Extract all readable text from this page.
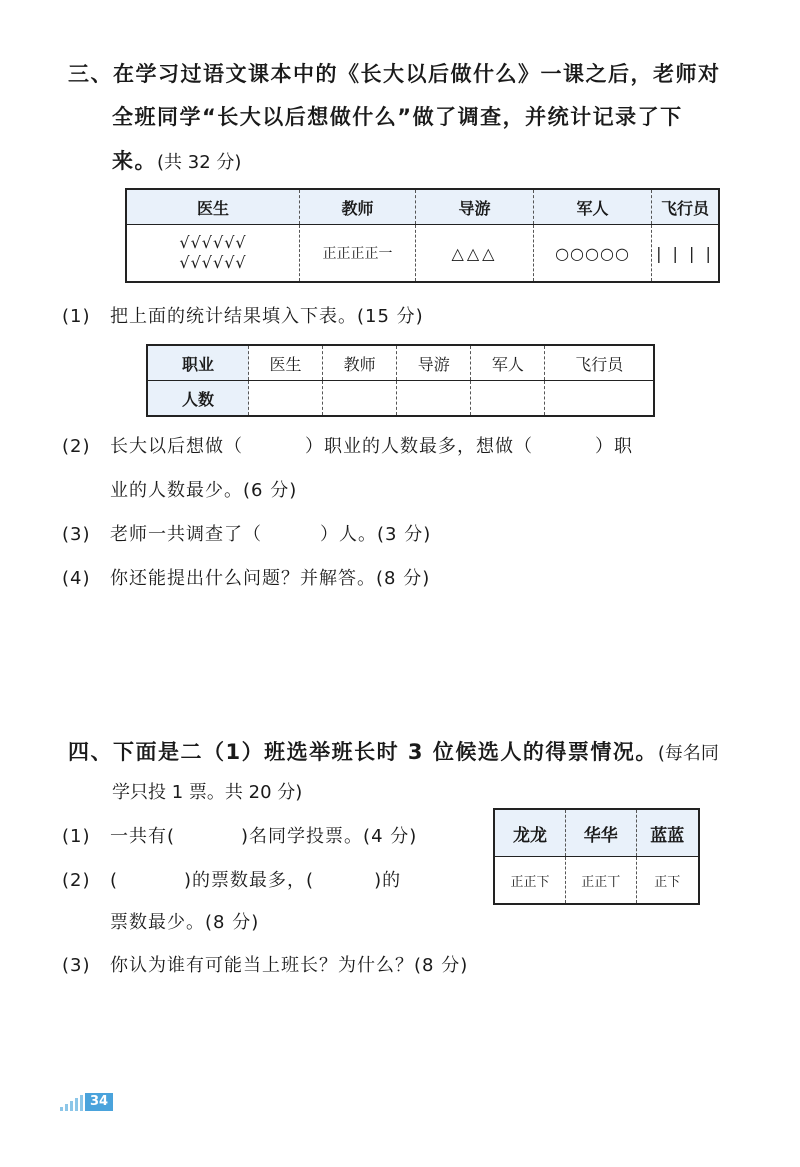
三、在学习过语文课本中的《长大以后做什么》一课之后，老师对
全班同学“长大以后想做什么”做了调查，并统计记录了下
来。(共 32 分)
医生	教师	导游	军人	飞行员

√√√√√√
√√√√√√	正正正正一	△△△	○○○○○	| | | |
(1) 把上面的统计结果填入下表。(15 分)
职业	医生	教师	导游	军人	飞行员
人数					
(2) 长大以后想做（	）职业的人数最多，想做（	）职
业的人数最少。(6 分)
(3) 老师一共调查了（	）人。(3 分)
(4) 你还能提出什么问题？并解答。(8 分)
四、下面是二（1）班选举班长时 3 位候选人的得票情况。(每名同
学只投 1 票。共 20 分)
(1) 一共有(	)名同学投票。(4 分)
(2) (	)的票数最多，(	)的
票数最少。(8 分)
(3) 你认为谁有可能当上班长？为什么？(8 分)
龙龙	华华	蓝蓝
正正下	正正丅	正下
34
